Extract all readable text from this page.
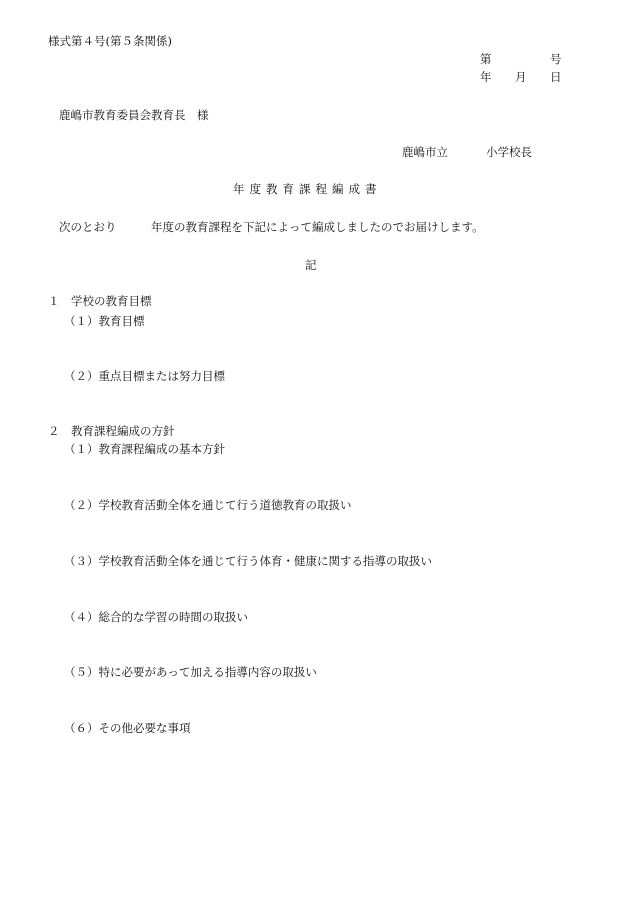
様式第４号(第５条関係)
第	号
年 月 日
鹿嶋市教育委員会教育長　様
鹿嶋市立	小学校長
年度教育課程編成書
次のとおり	年度の教育課程を下記によって編成しましたのでお届けします。
記
１　学校の教育目標
（１）教育目標
（２）重点目標または努力目標
２　教育課程編成の方針
（１）教育課程編成の基本方針
（２）学校教育活動全体を通じて行う道徳教育の取扱い
（３）学校教育活動全体を通じて行う体育・健康に関する指導の取扱い
（４）総合的な学習の時間の取扱い
（５）特に必要があって加える指導内容の取扱い
（６）その他必要な事項
